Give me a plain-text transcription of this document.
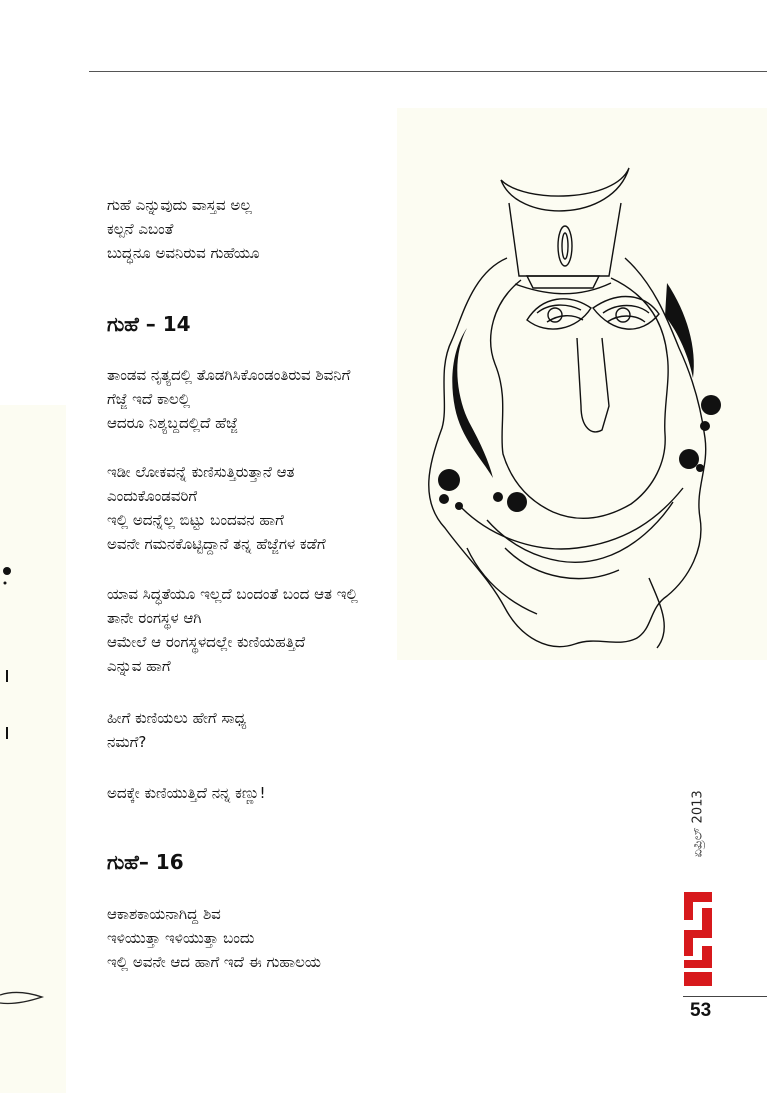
ಗುಹೆ ಎನ್ನುವುದು ವಾಸ್ತವ ಅಲ್ಲ
ಕಲ್ಪನೆ ಎಬಂತೆ
ಬುದ್ಧನೂ ಅವನಿರುವ ಗುಹೆಯೂ
ಗುಹೆ – 14
ತಾಂಡವ ನೃತ್ಯದಲ್ಲಿ ತೊಡಗಿಸಿಕೊಂಡಂತಿರುವ ಶಿವನಿಗೆ
ಗೆಜ್ಜೆ ಇದೆ ಕಾಲಲ್ಲಿ
ಆದರೂ ನಿಶ್ಯಬ್ದದಲ್ಲಿದೆ ಹೆಜ್ಜೆ
ಇಡೀ ಲೋಕವನ್ನೆ ಕುಣಿಸುತ್ತಿರುತ್ತಾನೆ ಆತ
ಎಂದುಕೊಂಡವರಿಗೆ
ಇಲ್ಲಿ ಅದನ್ನೆಲ್ಲ ಬಿಟ್ಟು ಬಂದವನ ಹಾಗೆ
ಅವನೇ ಗಮನಕೊಟ್ಟಿದ್ದಾನೆ ತನ್ನ ಹೆಜ್ಜೆಗಳ ಕಡೆಗೆ
ಯಾವ ಸಿದ್ಧತೆಯೂ ಇಲ್ಲದೆ ಬಂದಂತೆ ಬಂದ ಆತ ಇಲ್ಲಿ
ತಾನೇ ರಂಗಸ್ಥಳ ಆಗಿ
ಆಮೇಲೆ ಆ ರಂಗಸ್ಥಳದಲ್ಲೇ ಕುಣಿಯಹತ್ತಿದೆ
ಎನ್ನುವ ಹಾಗೆ
ಹೀಗೆ ಕುಣಿಯಲು ಹೇಗೆ ಸಾಧ್ಯ
ನಮಗೆ?
ಅದಕ್ಕೇ ಕುಣಿಯುತ್ತಿದೆ ನನ್ನ ಕಣ್ಣು!
ಗುಹೆ– 16
ಆಕಾಶಕಾಯನಾಗಿದ್ದ ಶಿವ
ಇಳಿಯುತ್ತಾ ಇಳಿಯುತ್ತಾ ಬಂದು
ಇಲ್ಲಿ ಅವನೇ ಆದ ಹಾಗೆ ಇದೆ ಈ ಗುಹಾಲಯ
ಏಪ್ರಿಲ್ 2013
53
